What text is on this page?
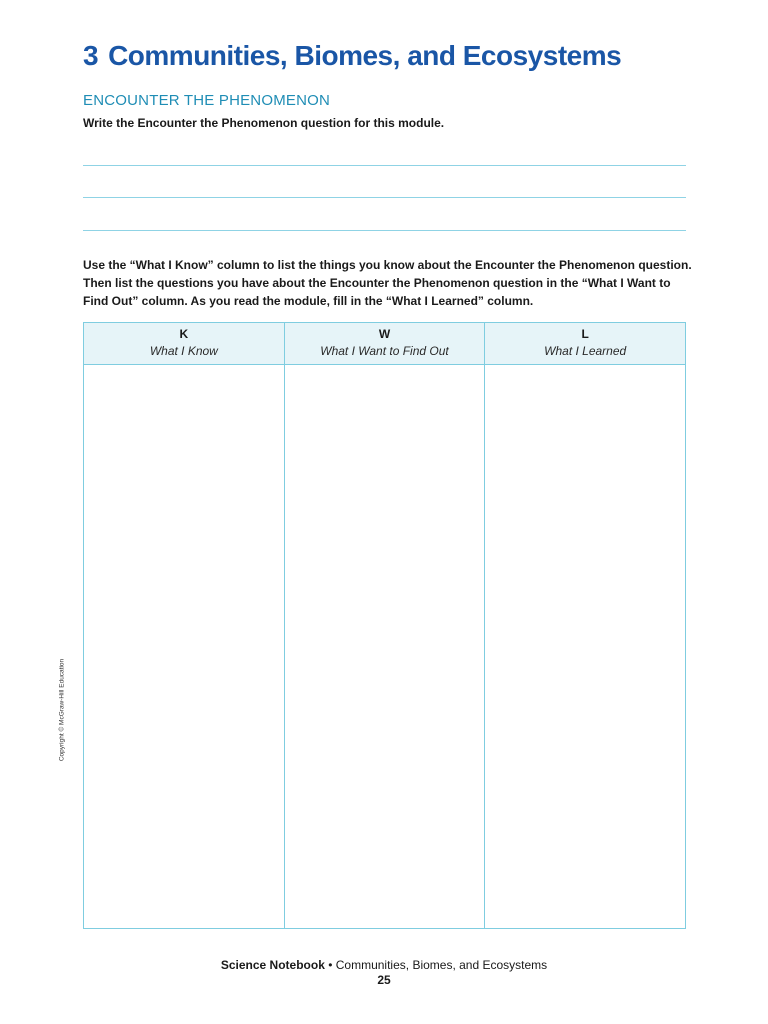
3 Communities, Biomes, and Ecosystems
ENCOUNTER THE PHENOMENON

Write the Encounter the Phenomenon question for this module.

Use the “What I Know” column to list the things you know about the Encounter the Phenomenon question. Then list the questions you have about the Encounter the Phenomenon question in the “What I Want to Find Out” column. As you read the module, fill in the “What I Learned” column.

K
What I Know
W
What I Want to Find Out
L
What I Learned
Copyright © McGraw-Hill Education
Science Notebook • Communities, Biomes, and Ecosystems
25
